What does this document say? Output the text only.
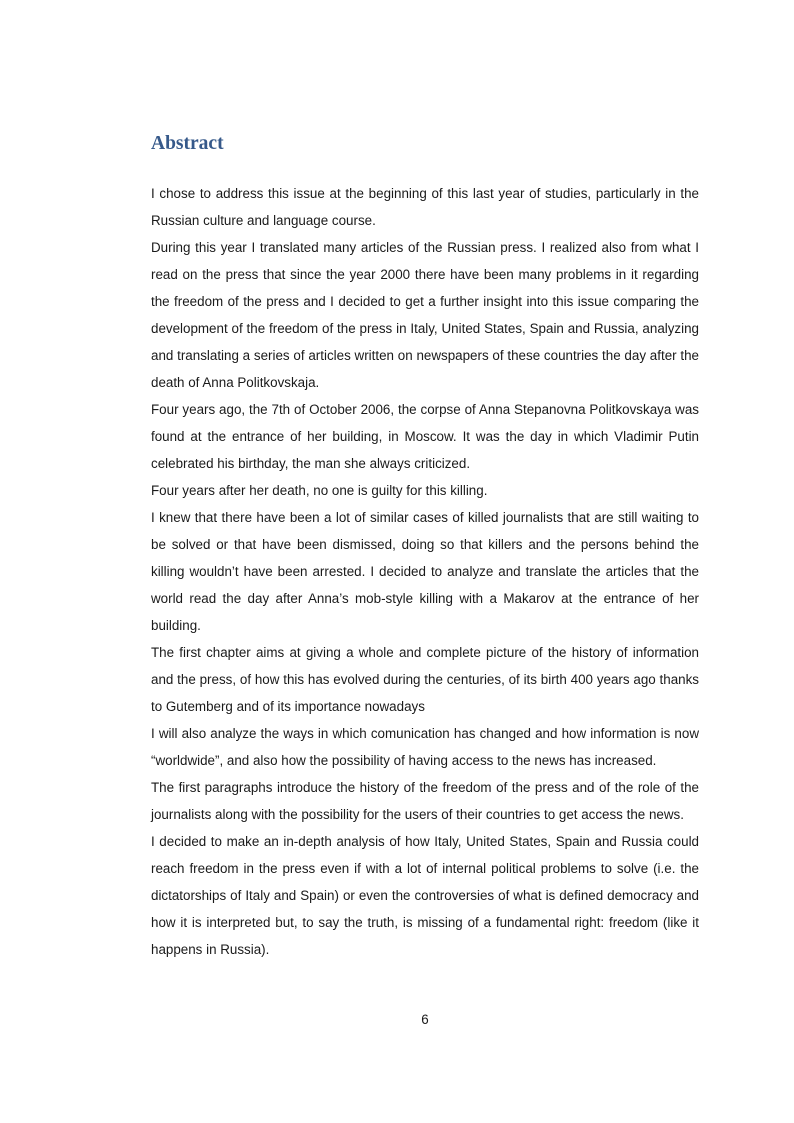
Abstract

I chose to address this issue at the beginning of this last year of studies, particularly in the Russian culture and language course.

During this year I translated many articles of the Russian press. I realized also from what I read on the press that since the year 2000 there have been many problems in it regarding the freedom of the press and I decided to get a further insight into this issue comparing the development of the freedom of the press in Italy, United States, Spain and Russia, analyzing and translating a series of articles written on newspapers of these countries the day after the death of Anna Politkovskaja.

Four years ago, the 7th of October 2006, the corpse of Anna Stepanovna Politkovskaya was found at the entrance of her building, in Moscow. It was the day in which Vladimir Putin celebrated his birthday, the man she always criticized.

Four years after her death, no one is guilty for this killing.

I knew that there have been a lot of similar cases of killed journalists that are still waiting to be solved or that have been dismissed, doing so that killers and the persons behind the killing wouldn’t have been arrested. I decided to analyze and translate the articles that the world read the day after Anna’s mob-style killing with a Makarov at the entrance of her building.

The first chapter aims at giving a whole and complete picture of the history of information and the press, of how this has evolved during the centuries, of its birth 400 years ago thanks to Gutemberg and of its importance nowadays

I will also analyze the ways in which comunication has changed and how information is now “worldwide”, and also how the possibility of having access to the news has increased.

The first paragraphs introduce the history of the freedom of the press and of the role of the journalists along with the possibility for the users of their countries to get access the news.

I decided to make an in-depth analysis of how Italy, United States, Spain and Russia could reach freedom in the press even if with a lot of internal political problems to solve (i.e. the dictatorships of Italy and Spain) or even the controversies of what is defined democracy and how it is interpreted but, to say the truth, is missing of a fundamental right: freedom (like it happens in Russia).

6
